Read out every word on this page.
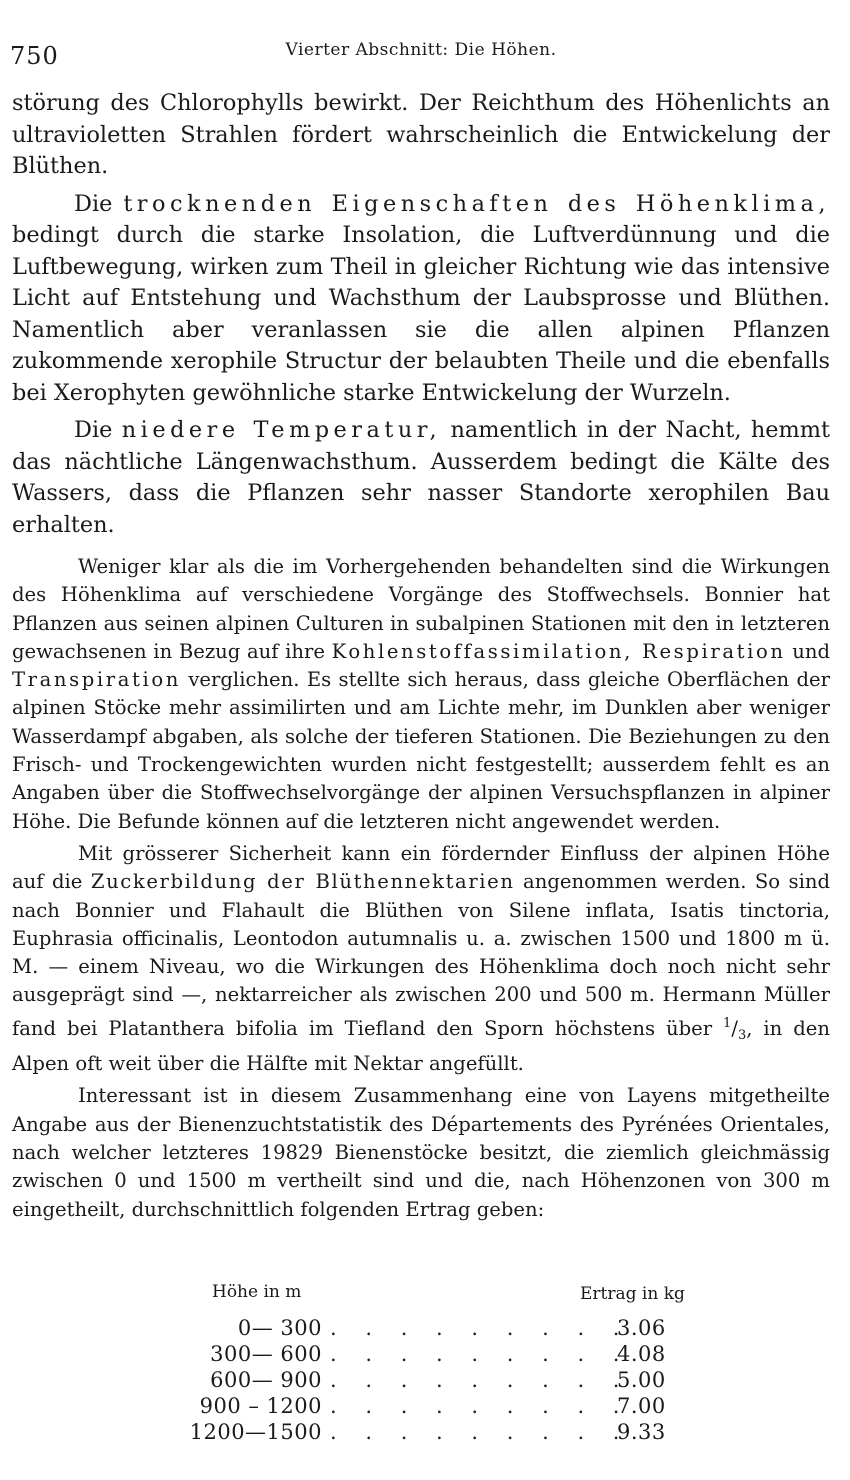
750	Vierter Abschnitt: Die Höhen.

störung des Chlorophylls bewirkt. Der Reichthum des Höhenlichts an ultravioletten Strahlen fördert wahrscheinlich die Entwickelung der Blüthen.

Die trocknenden Eigenschaften des Höhenklima, bedingt durch die starke Insolation, die Luftverdünnung und die Luftbewegung, wirken zum Theil in gleicher Richtung wie das intensive Licht auf Entstehung und Wachsthum der Laubsprosse und Blüthen. Namentlich aber veranlassen sie die allen alpinen Pflanzen zukommende xerophile Structur der belaubten Theile und die ebenfalls bei Xerophyten gewöhnliche starke Entwickelung der Wurzeln.

Die niedere Temperatur, namentlich in der Nacht, hemmt das nächtliche Längenwachsthum. Ausserdem bedingt die Kälte des Wassers, dass die Pflanzen sehr nasser Standorte xerophilen Bau erhalten.

Weniger klar als die im Vorhergehenden behandelten sind die Wirkungen des Höhenklima auf verschiedene Vorgänge des Stoffwechsels. Bonnier hat Pflanzen aus seinen alpinen Culturen in subalpinen Stationen mit den in letzteren gewachsenen in Bezug auf ihre Kohlenstoffassimilation, Respiration und Transpiration verglichen. Es stellte sich heraus, dass gleiche Oberflächen der alpinen Stöcke mehr assimilirten und am Lichte mehr, im Dunklen aber weniger Wasserdampf abgaben, als solche der tieferen Stationen. Die Beziehungen zu den Frisch- und Trockengewichten wurden nicht festgestellt; ausserdem fehlt es an Angaben über die Stoffwechselvorgänge der alpinen Versuchspflanzen in alpiner Höhe. Die Befunde können auf die letzteren nicht angewendet werden.

Mit grösserer Sicherheit kann ein fördernder Einfluss der alpinen Höhe auf die Zuckerbildung der Blüthennektarien angenommen werden. So sind nach Bonnier und Flahault die Blüthen von Silene inflata, Isatis tinctoria, Euphrasia officinalis, Leontodon autumnalis u. a. zwischen 1500 und 1800 m ü. M. — einem Niveau, wo die Wirkungen des Höhenklima doch noch nicht sehr ausgeprägt sind —, nektarreicher als zwischen 200 und 500 m. Hermann Müller fand bei Platanthera bifolia im Tiefland den Sporn höchstens über $^1/_3$, in den Alpen oft weit über die Hälfte mit Nektar angefüllt.

Interessant ist in diesem Zusammenhang eine von Layens mitgetheilte Angabe aus der Bienenzuchtstatistik des Départements des Pyrénées Orientales, nach welcher letzteres 19829 Bienenstöcke besitzt, die ziemlich gleichmässig zwischen 0 und 1500 m vertheilt sind und die, nach Höhenzonen von 300 m eingetheilt, durchschnittlich folgenden Ertrag geben:

Höhe in m	Ertrag in kg
0— 300 . . . . . . . . .
3.06
300— 600 . . . . . . . . .
4.08
600— 900 . . . . . . . . .
5.00
900 – 1200 . . . . . . . . .
7.00
1200—1500 . . . . . . . . .
9.33
